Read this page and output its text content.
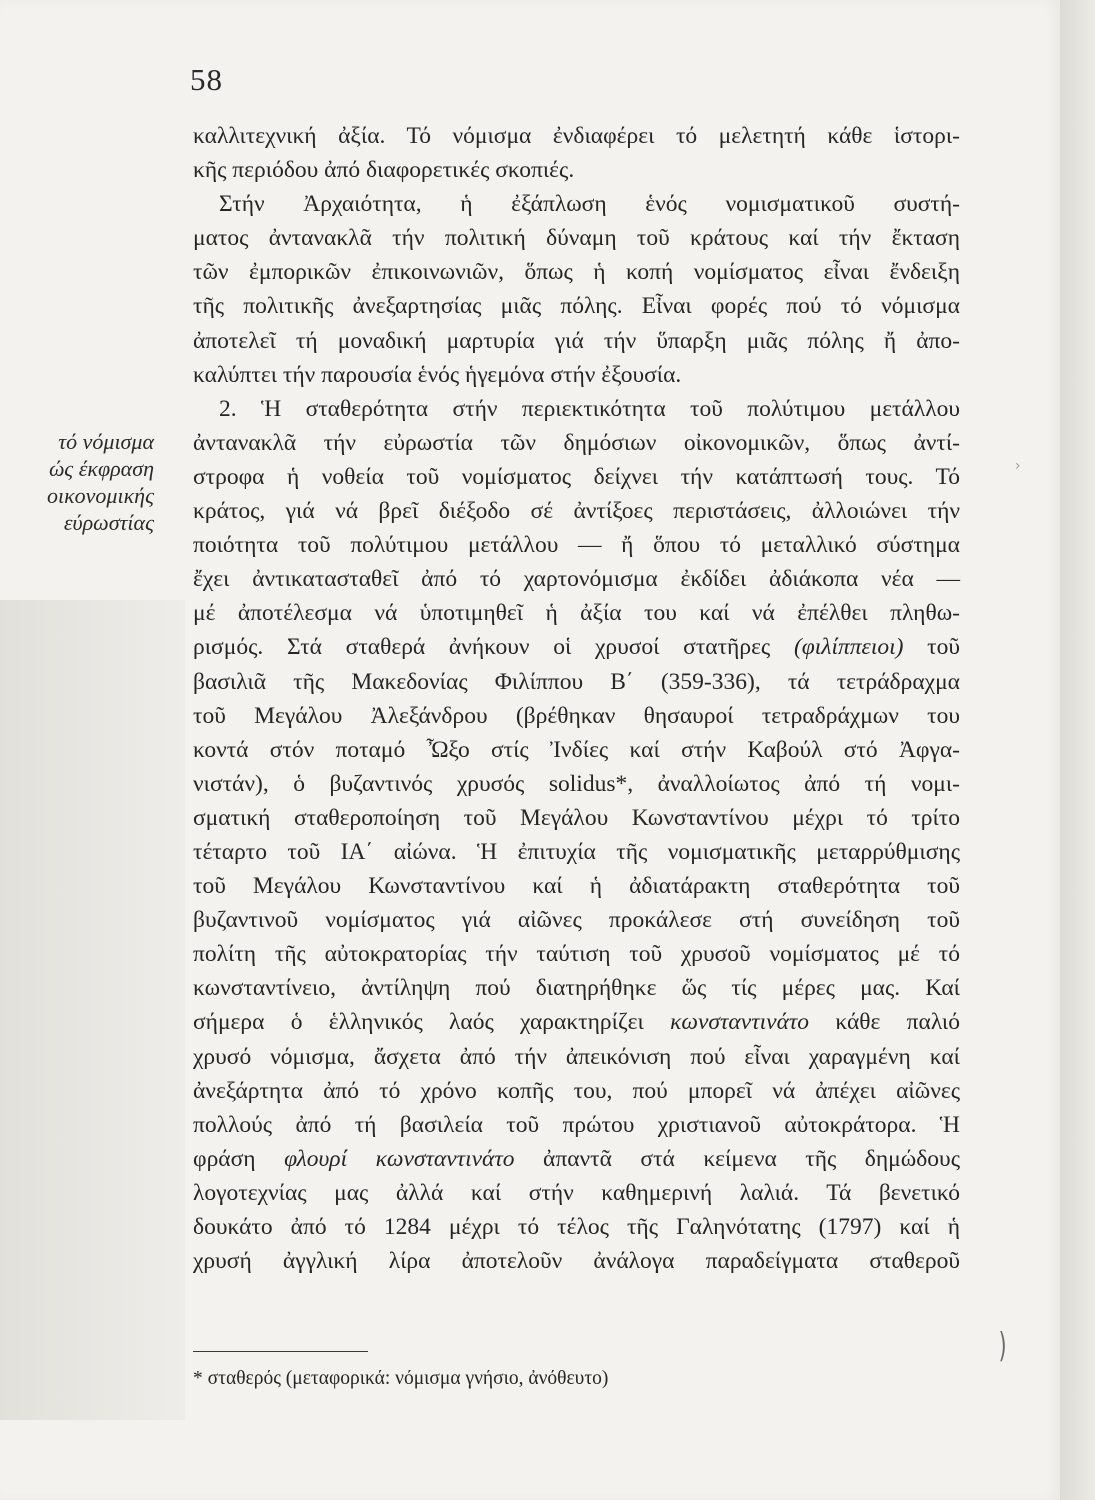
58
τό νόμισμα
ώς έκφραση
οικονομικής
εύρωστίας
καλλιτεχνική ἀξία. Τό νόμισμα ἐνδιαφέρει τό μελετητή κάθε ἱστορι-
κῆς περιόδου ἀπό διαφορετικές σκοπιές.
Στήν Ἀρχαιότητα, ἡ ἐξάπλωση ἑνός νομισματικοῦ συστή-
ματος ἀντανακλᾶ τήν πολιτική δύναμη τοῦ κράτους καί τήν ἔκταση
τῶν ἐμπορικῶν ἐπικοινωνιῶν, ὅπως ἡ κοπή νομίσματος εἶναι ἔνδειξη
τῆς πολιτικῆς ἀνεξαρτησίας μιᾶς πόλης. Εἶναι φορές πού τό νόμισμα
ἀποτελεῖ τή μοναδική μαρτυρία γιά τήν ὕπαρξη μιᾶς πόλης ἤ ἀπο-
καλύπτει τήν παρουσία ἑνός ἡγεμόνα στήν ἐξουσία.
2. Ἡ σταθερότητα στήν περιεκτικότητα τοῦ πολύτιμου μετάλλου
ἀντανακλᾶ τήν εὐρωστία τῶν δημόσιων οἰκονομικῶν, ὅπως ἀντί-
στροφα ἡ νοθεία τοῦ νομίσματος δείχνει τήν κατάπτωσή τους. Τό
κράτος, γιά νά βρεῖ διέξοδο σέ ἀντίξοες περιστάσεις, ἀλλοιώνει τήν
ποιότητα τοῦ πολύτιμου μετάλλου — ἤ ὅπου τό μεταλλικό σύστημα
ἔχει ἀντικατασταθεῖ ἀπό τό χαρτονόμισμα ἐκδίδει ἀδιάκοπα νέα —
μέ ἀποτέλεσμα νά ὑποτιμηθεῖ ἡ ἀξία του καί νά ἐπέλθει πληθω-
ρισμός. Στά σταθερά ἀνήκουν οἱ χρυσοί στατῆρες (φιλίππειοι) τοῦ
βασιλιᾶ τῆς Μακεδονίας Φιλίππου Β΄ (359-336), τά τετράδραχμα
τοῦ Μεγάλου Ἀλεξάνδρου (βρέθηκαν θησαυροί τετραδράχμων του
κοντά στόν ποταμό Ὦξο στίς Ἰνδίες καί στήν Καβούλ στό Ἀφγα-
νιστάν), ὁ βυζαντινός χρυσός solidus*, ἀναλλοίωτος ἀπό τή νομι-
σματική σταθεροποίηση τοῦ Μεγάλου Κωνσταντίνου μέχρι τό τρίτο
τέταρτο τοῦ ΙΑ΄ αἰώνα. Ἡ ἐπιτυχία τῆς νομισματικῆς μεταρρύθμισης
τοῦ Μεγάλου Κωνσταντίνου καί ἡ ἀδιατάρακτη σταθερότητα τοῦ
βυζαντινοῦ νομίσματος γιά αἰῶνες προκάλεσε στή συνείδηση τοῦ
πολίτη τῆς αὐτοκρατορίας τήν ταύτιση τοῦ χρυσοῦ νομίσματος μέ τό
κωνσταντίνειο, ἀντίληψη πού διατηρήθηκε ὥς τίς μέρες μας. Καί
σήμερα ὁ ἑλληνικός λαός χαρακτηρίζει κωνσταντινάτο κάθε παλιό
χρυσό νόμισμα, ἄσχετα ἀπό τήν ἀπεικόνιση πού εἶναι χαραγμένη καί
ἀνεξάρτητα ἀπό τό χρόνο κοπῆς του, πού μπορεῖ νά ἀπέχει αἰῶνες
πολλούς ἀπό τή βασιλεία τοῦ πρώτου χριστιανοῦ αὐτοκράτορα. Ἡ
φράση φλουρί κωνσταντινάτο ἀπαντᾶ στά κείμενα τῆς δημώδους
λογοτεχνίας μας ἀλλά καί στήν καθημερινή λαλιά. Τά βενετικό
δουκάτο ἀπό τό 1284 μέχρι τό τέλος τῆς Γαληνότατης (1797) καί ἡ
χρυσή ἀγγλική λίρα ἀποτελοῦν ἀνάλογα παραδείγματα σταθεροῦ
* σταθερός (μεταφορικά: νόμισμα γνήσιο, ἀνόθευτο)
›
)
